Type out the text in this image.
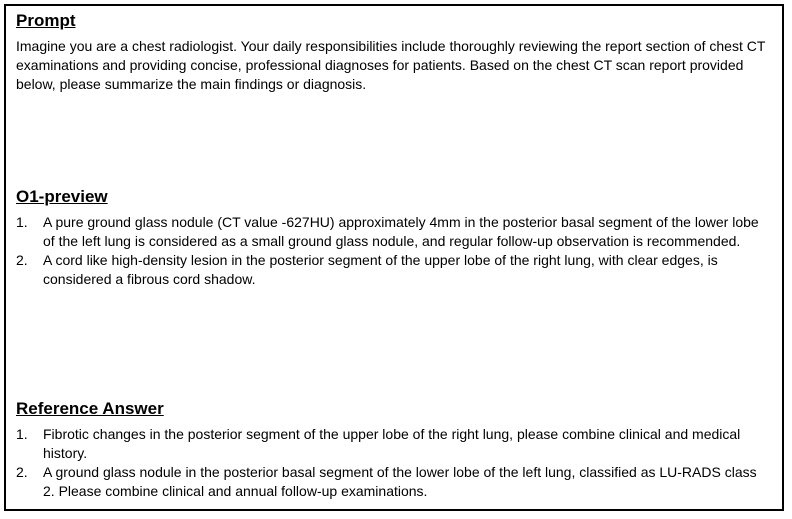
Prompt

Imagine you are a chest radiologist. Your daily responsibilities include thoroughly reviewing the report section of chest CT examinations and providing concise, professional diagnoses for patients. Based on the chest CT scan report provided below, please summarize the main findings or diagnosis.

O1-preview
1. A pure ground glass nodule (CT value -627HU) approximately 4mm in the posterior basal segment of the lower lobe of the left lung is considered as a small ground glass nodule, and regular follow-up observation is recommended.
2. A cord like high-density lesion in the posterior segment of the upper lobe of the right lung, with clear edges, is considered a fibrous cord shadow.
Reference Answer
1. Fibrotic changes in the posterior segment of the upper lobe of the right lung, please combine clinical and medical history.
2. A ground glass nodule in the posterior basal segment of the lower lobe of the left lung, classified as LU-RADS class 2. Please combine clinical and annual follow-up examinations.
